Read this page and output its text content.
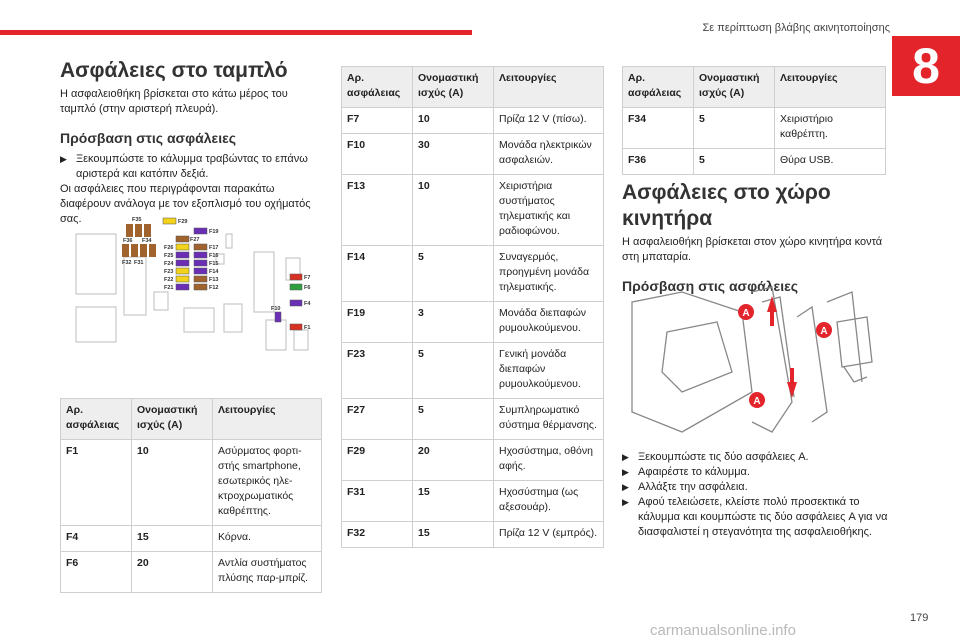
Σε περίπτωση βλάβης ακινητοποίησης
8
Ασφάλειες στο ταμπλό

Η ασφαλειοθήκη βρίσκεται στο κάτω μέρος του ταμπλό (στην αριστερή πλευρά).

Πρόσβαση στις ασφάλειες

▶ Ξεκουμπώστε το κάλυμμα τραβώντας το επάνω αριστερά και κατόπιν δεξιά.

Οι ασφάλειες που περιγράφονται παρακάτω διαφέρουν ανάλογα με τον εξοπλισμό του οχήματός σας.	F35
F36 F34
F32 F31
F29
F19
F27
F26	F17
F25	F16
F24	F15
F23	F14
F22	F13
F21	F12
F7
F6
F4
F10
F1
Αρ. ασφάλειας	Ονομαστική ισχύς (A)	Λειτουργίες
F1	10	Ασύρματος φορτι-στής smartphone, εσωτερικός ηλε-κτροχρωματικός καθρέπτης.
F4	15	Κόρνα.
F6	20	Αντλία συστήματος πλύσης παρ-μπρίζ.
Αρ. ασφάλειας	Ονομαστική ισχύς (A)	Λειτουργίες
F7	10	Πρίζα 12 V (πίσω).
F10	30	Μονάδα ηλεκτρικών ασφαλειών.
F13	10	Χειριστήρια συστήματος τηλεματικής και ραδιοφώνου.
F14	5	Συναγερμός, προηγμένη μονάδα τηλεματικής.
F19	3	Μονάδα διεπαφών ρυμουλκούμενου.
F23	5	Γενική μονάδα διεπαφών ρυμουλκούμενου.
F27	5	Συμπληρωματικό σύστημα θέρμανσης.
F29	20	Ηχοσύστημα, οθόνη αφής.
F31	15	Ηχοσύστημα (ως αξεσουάρ).
F32	15	Πρίζα 12 V (εμπρός).
Αρ. ασφάλειας	Ονομαστική ισχύς (A)	Λειτουργίες
F34	5	Χειριστήριο καθρέπτη.
F36	5	Θύρα USB.
Ασφάλειες στο χώρο κινητήρα

Η ασφαλειοθήκη βρίσκεται στον χώρο κινητήρα κοντά στη μπαταρία.

Πρόσβαση στις ασφάλειες
A
A
A

▶ Ξεκουμπώστε τις δύο ασφάλειες A.

▶ Αφαιρέστε το κάλυμμα.

▶ Αλλάξτε την ασφάλεια.

▶ Αφού τελειώσετε, κλείστε πολύ προσεκτικά το κάλυμμα και κουμπώστε τις δύο ασφάλειες A για να διασφαλιστεί η στεγανότητα της ασφαλειοθήκης.

179
carmanualsonline.info
